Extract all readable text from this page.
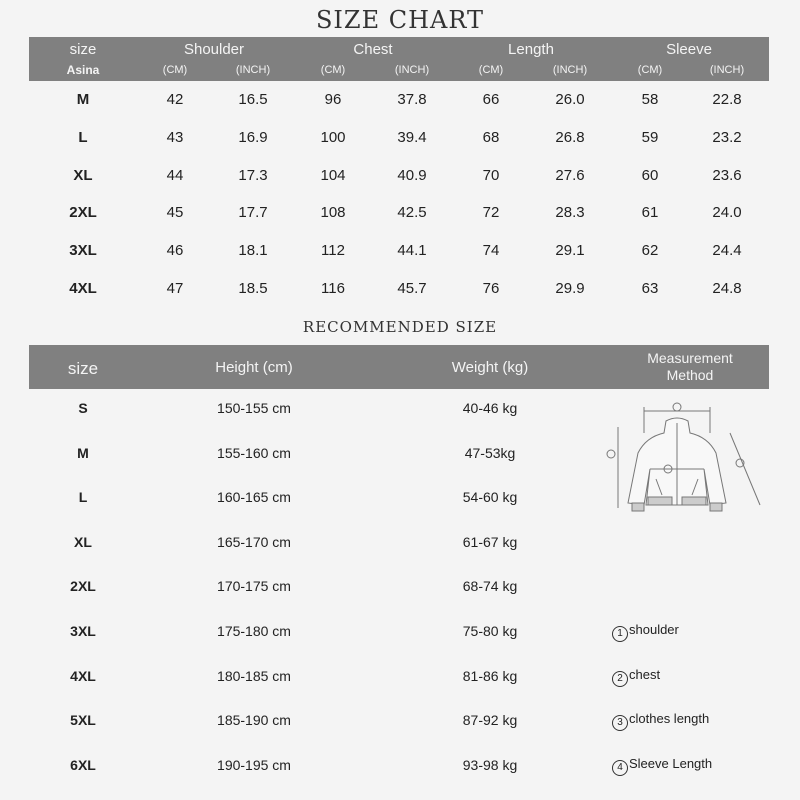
SIZE CHART
size
Asina
Shoulder	Chest	Length	Sleeve
(CM)	(INCH)	(CM)	(INCH)	(CM)	(INCH)	(CM)	(INCH)
M	42	16.5	96	37.8	66	26.0	58	22.8
L	43	16.9	100	39.4	68	26.8	59	23.2
XL	44	17.3	104	40.9	70	27.6	60	23.6
2XL	45	17.7	108	42.5	72	28.3	61	24.0
3XL	46	18.1	112	44.1	74	29.1	62	24.4
4XL	47	18.5	116	45.7	76	29.9	63	24.8
RECOMMENDED SIZE
size	Height (cm)	Weight (kg)
Measurement
Method
S	150-155 cm	40-46 kg
M	155-160 cm	47-53kg
L	160-165 cm	54-60 kg
XL	165-170 cm	61-67 kg
2XL	170-175 cm	68-74 kg
3XL	175-180 cm	75-80 kg
4XL	180-185 cm	81-86 kg
5XL	185-190 cm	87-92 kg
6XL	190-195 cm	93-98 kg
1 shoulder
2 chest
3 clothes length
4 Sleeve Length
